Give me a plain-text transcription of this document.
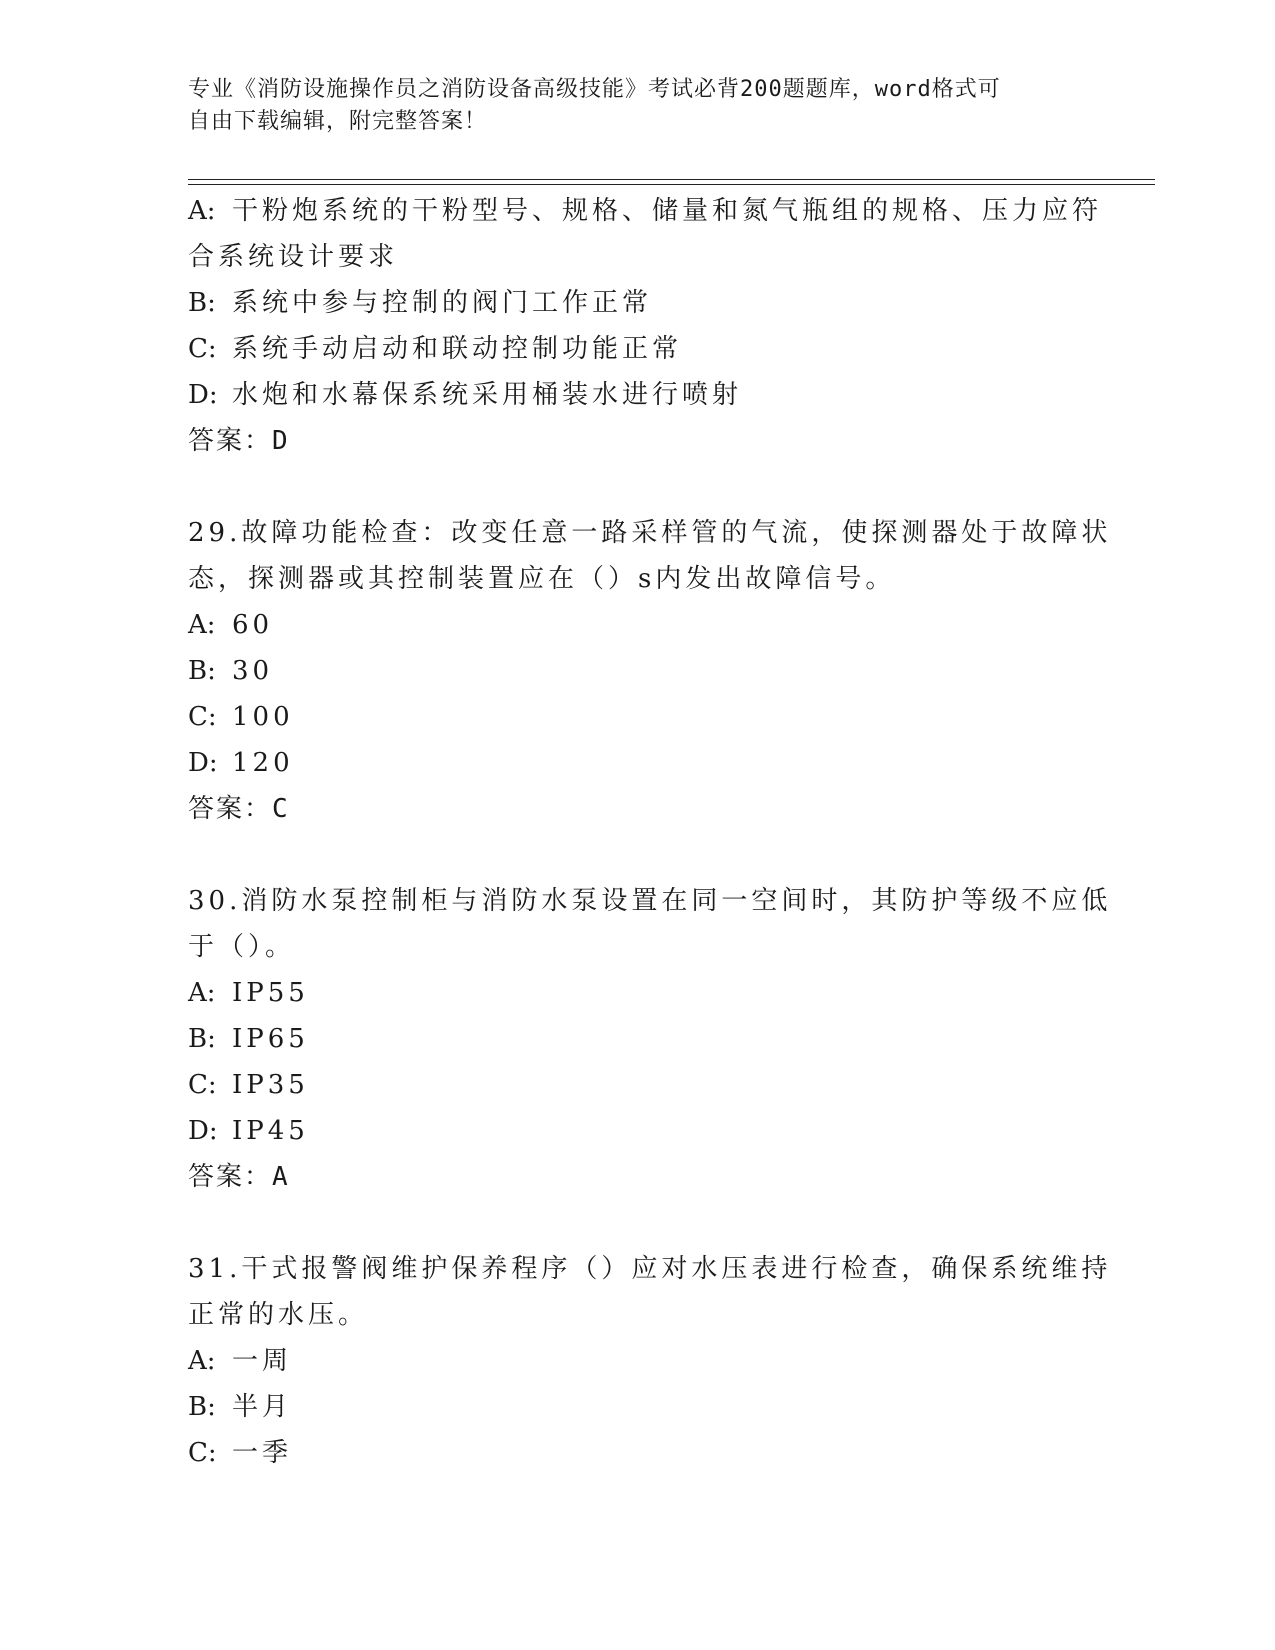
专业《消防设施操作员之消防设备高级技能》考试必背200题题库，word格式可
自由下载编辑，附完整答案！
A: 干粉炮系统的干粉型号、规格、储量和氮气瓶组的规格、压力应符
合系统设计要求
B: 系统中参与控制的阀门工作正常
C: 系统手动启动和联动控制功能正常
D: 水炮和水幕保系统采用桶装水进行喷射
答案：D
29.故障功能检查：改变任意一路采样管的气流，使探测器处于故障状
态，探测器或其控制装置应在（）s内发出故障信号。
A: 60
B: 30
C: 100
D: 120
答案：C
30.消防水泵控制柜与消防水泵设置在同一空间时，其防护等级不应低
于（）。
A: IP55
B: IP65
C: IP35
D: IP45
答案：A
31.干式报警阀维护保养程序（）应对水压表进行检查，确保系统维持
正常的水压。
A: 一周
B: 半月
C: 一季
